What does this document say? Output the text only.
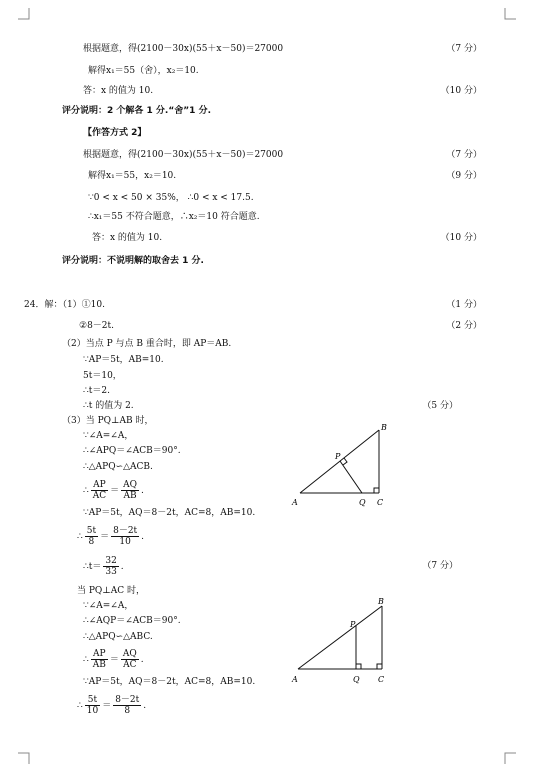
根据题意，得(2100－30x)(55＋x－50)＝27000	（7 分）
解得x₁＝55（舍），x₂＝10.
答：x 的值为 10.	（10 分）
评分说明：2 个解各 1 分.“舍”1 分.
【作答方式 2】
根据题意，得(2100－30x)(55＋x－50)＝27000	（7 分）
解得x₁＝55，x₂＝10.	（9 分）
∵0 < x < 50 × 35%， ∴0 < x < 17.5.
∴x₁＝55 不符合题意，∴x₂＝10 符合题意.
答：x 的值为 10.	（10 分）
评分说明：不说明解的取舍去 1 分.
24．解：（1）①10.	（1 分）
②8－2t.	（2 分）
（2）当点 P 与点 B 重合时，即 AP＝AB.
∵AP＝5t，AB=10.
5t＝10，
∴t＝2.
∴t 的值为 2.	（5 分）
（3）当 PQ⊥AB 时，
∵∠A=∠A，
∴∠APQ＝∠ACB＝90°.
∴△APQ∽△ACB.
∴ $\frac{AP}{AC} = \frac{AQ}{AB}$ .
∵AP＝5t，AQ＝8－2t，AC=8，AB=10.
∴ $\frac{5t}{8} = \frac{8-2t}{10}$ .
∴t＝ $\frac{32}{33}$ .	（7 分）
当 PQ⊥AC 时，
∵∠A=∠A，
∴∠AQP＝∠ACB＝90°.
∴△APQ∽△ABC.
∴ $\frac{AP}{AB} = \frac{AQ}{AC}$ .
∵AP＝5t，AQ＝8－2t，AC=8，AB=10.
∴ $\frac{5t}{10} = \frac{8-2t}{8}$ .
A
B
C
P
Q
A
B
C
P
Q
